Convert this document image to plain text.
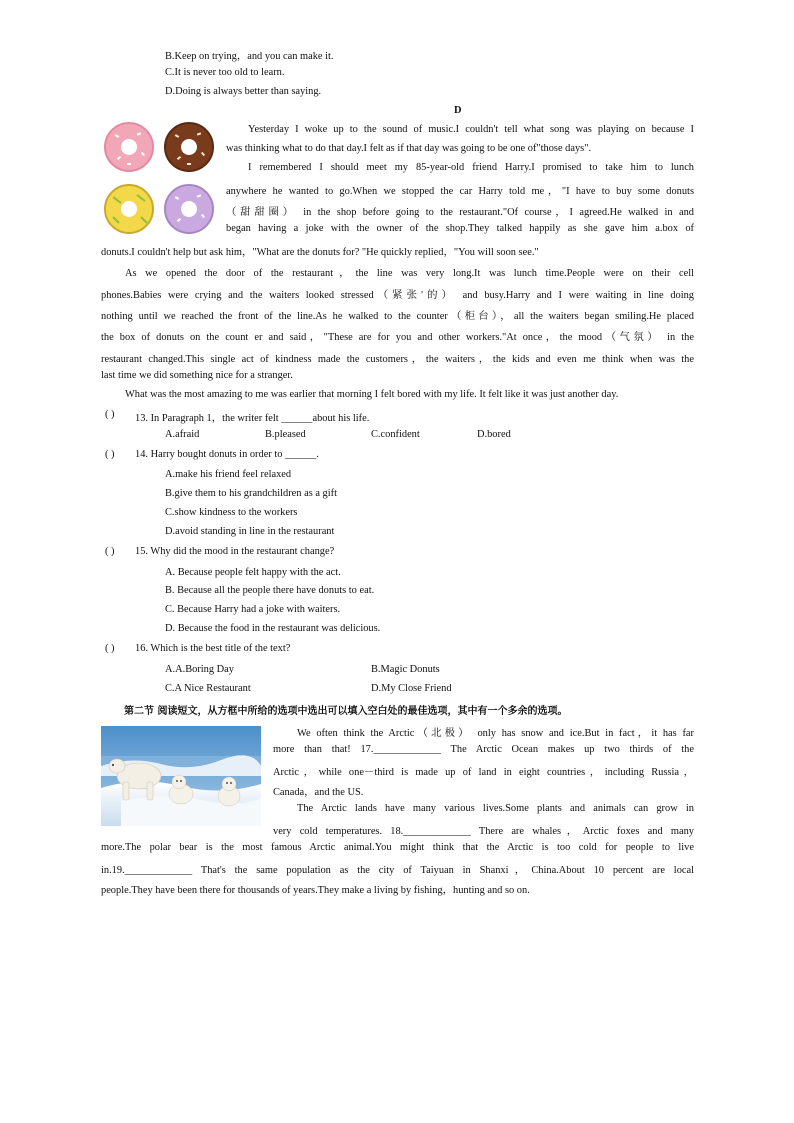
B.Keep on trying，and you can make it.
C.It is never too old to learn.
D.Doing is always better than saying.
D
Yesterday I woke up to the sound of music.I couldn't tell what song was playing on because I
was thinking what to do that day.I felt as if that day was going to be one of"those days".
I remembered I should meet my 85-year-old friend Harry.I promised to take him to lunch
anywhere he wanted to go.When we stopped the car Harry told me，"I have to buy some donuts
（甜甜圈） in the shop before going to the restaurant."Of course，I agreed.He walked in and
began having a joke with the owner of the shop.They talked happily as she gave him a.box of
donuts.I couldn't help but ask him，"What are the donuts for? "He quickly replied，"You will soon see."
As we opened the door of the restaurant，the line was very long.It was lunch time.People were on their cell
phones.Babies were crying and the waiters looked stressed（紧张'的） and busy.Harry and I were waiting in line doing
nothing until we reached the front of the line.As he walked to the counter（柜台），all the waiters began smiling.He placed
the box of donuts on the count er and said，"These are for you and other workers."At once，the mood（气氛） in the
restaurant changed.This single act of kindness made the customers，the waiters，the kids and even me think when was the
last time we did something nice for a stranger.
What was the most amazing to me was earlier that morning I felt bored with my life. It felt like it was just another day.
( ) 13. In Paragraph 1，the writer felt ______about his life.
A.afraid	B.pleased	C.confident	D.bored
( ) 14. Harry bought donuts in order to ______.
A.make his friend feel relaxed
B.give them to his grandchildren as a gift
C.show kindness to the workers
D.avoid standing in line in the restaurant
( ) 15. Why did the mood in the restaurant change?
A. Because people felt happy with the act.
B. Because all the people there have donuts to eat.
C. Because Harry had a joke with waiters.
D. Because the food in the restaurant was delicious.
( ) 16. Which is the best title of the text?
A.A.Boring Day	B.Magic Donuts
C.A Nice Restaurant	D.My Close Friend
第二节 阅读短文，从方框中所给的选项中选出可以填入空白处的最佳选项，其中有一个多余的选项。
We often think the Arctic（北极） only has snow and ice.But in fact，it has far
more than that! 17._____________ The Arctic Ocean makes up two thirds of the
Arctic，while one－third is made up of land in eight countries，including Russia，
Canada，and the US.
The Arctic lands have many various lives.Some plants and animals can grow in
very cold temperatures. 18._____________ There are whales，Arctic foxes and many
more.The polar bear is the most famous Arctic animal.You might think that the Arctic is too cold for people to live
in.19._____________ That's the same population as the city of Taiyuan in Shanxi，China.About 10 percent are local
people.They have been there for thousands of years.They make a living by fishing，hunting and so on.
